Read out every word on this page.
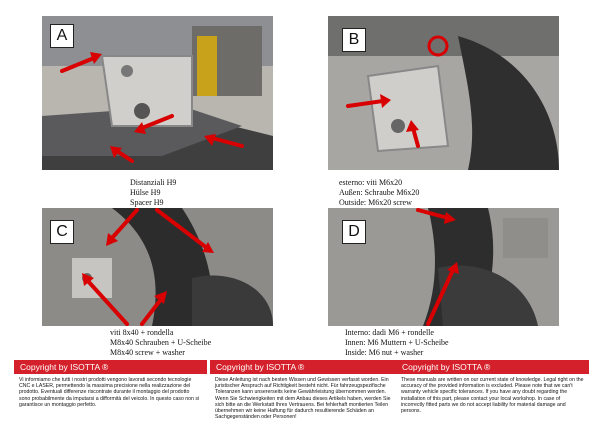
A	B
Distanziali H9
Hülse H9
Spacer H9
esterno: viti M6x20
Außen: Schraube M6x20
Outside: M6x20 screw
C	D
viti 8x40 + rondella
M8x40 Schrauben + U-Scheibe
M8x40 screw + washer
Interno: dadi M6 + rondelle
Innen: M6 Muttern + U-Scheibe
Inside: M6 nut + washer
Copyright by ISOTTA ®
Vi informiamo che tutti i nostri prodotti vengono lavorati secondo tecnologie CNC e LASER, permettendo la massima precisione nella realizzazione del prodotto. Eventuali differenze riscontrate durante il montaggio del prodotto sono probabilmente da imputarsi a difformità del veicolo. In questo caso non si garantisce un montaggio perfetto.
Copyright by ISOTTA ®
Diese Anleitung ist nach besten Wissen und Gewissen verfasst worden. Ein juristischer Anspruch auf Richtigkeit besteht nicht. Für fahrzeugspezifische Toleranzen kann unsererseits keine Gewährleistung übernommen werden. Wenn Sie Schwierigkeiten mit dem Anbau dieses Artikels haben, werden Sie sich bitte an die Werkstatt Ihres Vertrauens. Bei fehlerhaft montierten Teilen übernehmen wir keine Haftung für dadurch resultierende Schäden an Sachgegenständen oder Personen!
Copyright by ISOTTA ®
These manuals are written on our current state of knowledge. Legal right on the accuracy of the provided information is excluded. Please note that we can't warranty vehicle specific tolerances. If you have any doubt regarding the installation of this part, please contact your local workshop. In case of incorrectly fitted parts we do not accept liability for material damage and persons.
